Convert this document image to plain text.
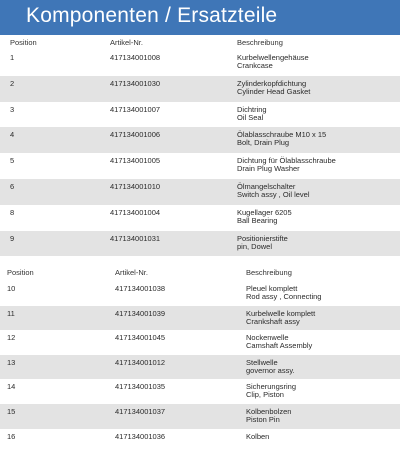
Komponenten / Ersatzteile
Position	Artikel-Nr.	Beschreibung
1	417134001008	Kurbelwellengehäuse
Crankcase
2	417134001030	Zylinderkopfdichtung
Cylinder Head Gasket
3	417134001007	Dichtring
Oil Seal
4	417134001006	Ölablasschraube M10 x 15
Bolt, Drain Plug
5	417134001005	Dichtung für Ölablasschraube
Drain Plug Washer
6	417134001010	Ölmangelschalter
Switch assy , Oil level
8	417134001004	Kugellager 6205
Ball Bearing
9	417134001031	Positionierstifte
pin, Dowel
Position	Artikel-Nr.	Beschreibung
10	417134001038	Pleuel komplett
Rod assy , Connecting
11	417134001039	Kurbelwelle komplett
Crankshaft assy
12	417134001045	Nockenwelle
Camshaft Assembly
13	417134001012	Stellwelle
governor assy.
14	417134001035	Sicherungsring
Clip, Piston
15	417134001037	Kolbenbolzen
Piston Pin
16	417134001036	Kolben
